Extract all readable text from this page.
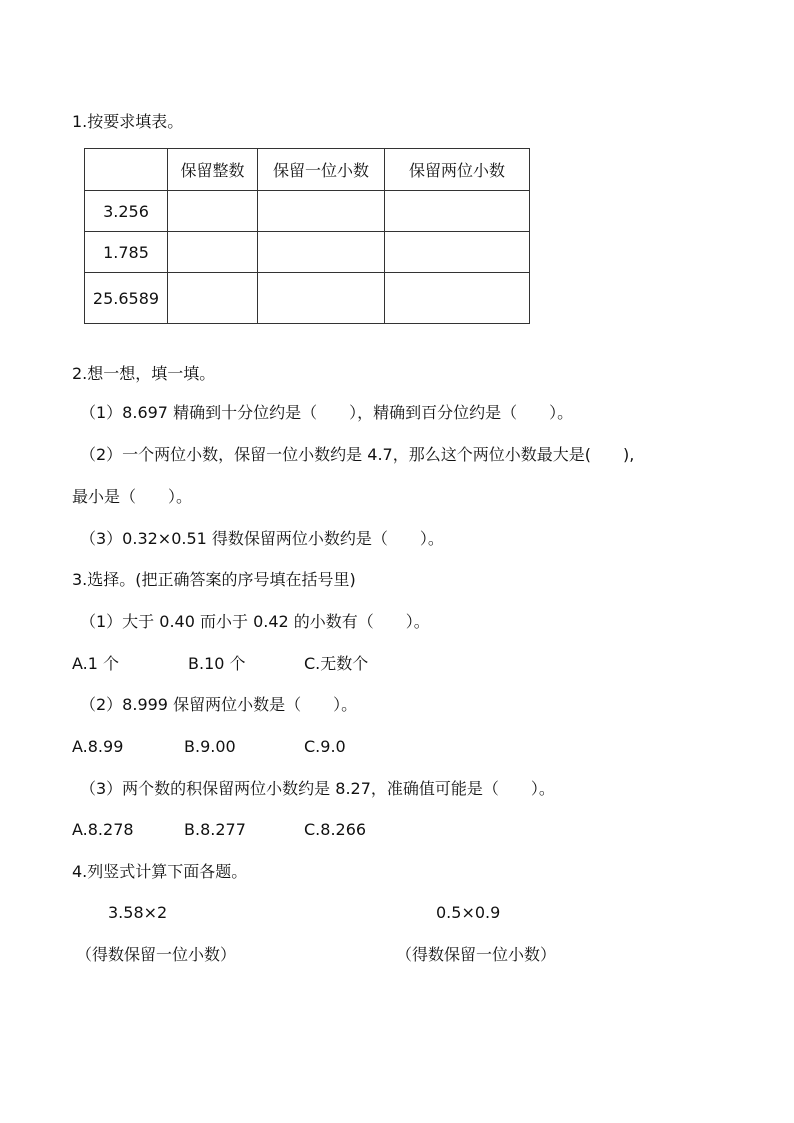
1.按要求填表。
	保留整数	保留一位小数	保留两位小数
3.256			
1.785			
25.6589			
2.想一想，填一填。
（1）8.697 精确到十分位约是（　　），精确到百分位约是（　　）。
（2）一个两位小数，保留一位小数约是 4.7，那么这个两位小数最大是(　　),
最小是（　　）。
（3）0.32×0.51 得数保留两位小数约是（　　）。
3.选择。(把正确答案的序号填在括号里)
（1）大于 0.40 而小于 0.42 的小数有（　　）。
A.1 个	B.10 个	C.无数个
（2）8.999 保留两位小数是（　　）。
A.8.99	B.9.00	C.9.0
（3）两个数的积保留两位小数约是 8.27，准确值可能是（　　）。
A.8.278	B.8.277	C.8.266
4.列竖式计算下面各题。
3.58×2	0.5×0.9
（得数保留一位小数）	（得数保留一位小数）
